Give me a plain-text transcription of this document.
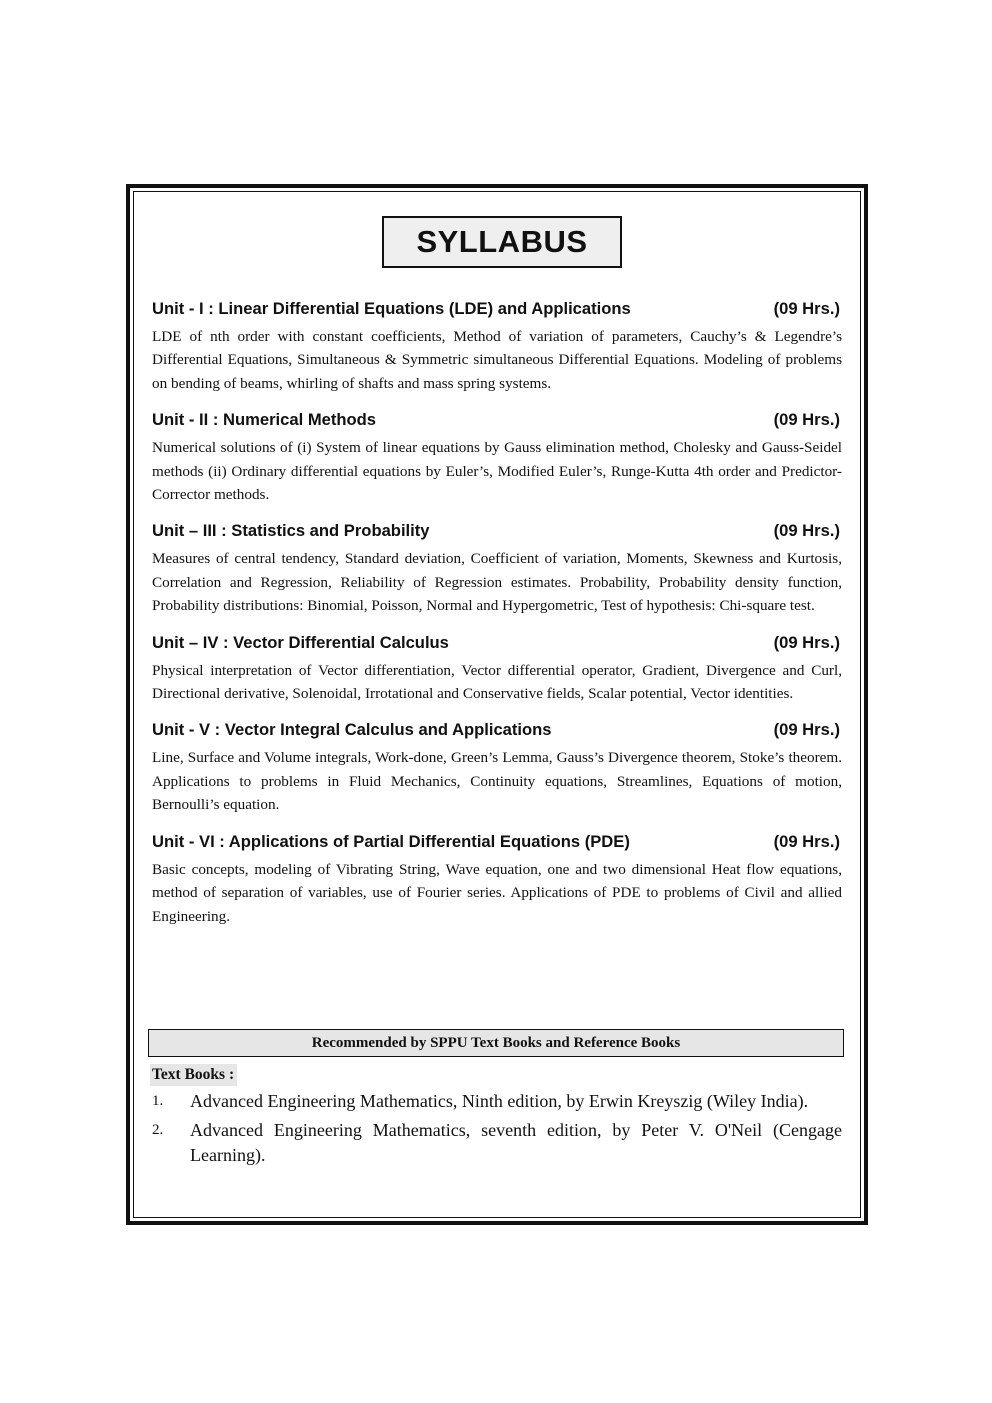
SYLLABUS
Unit - I : Linear Differential Equations (LDE) and Applications	(09 Hrs.)

LDE of nth order with constant coefficients, Method of variation of parameters, Cauchy’s & Legendre’s Differential Equations, Simultaneous & Symmetric simultaneous Differential Equations. Modeling of problems on bending of beams, whirling of shafts and mass spring systems.

Unit - II : Numerical Methods	(09 Hrs.)

Numerical solutions of (i) System of linear equations by Gauss elimination method, Cholesky and Gauss-Seidel methods (ii) Ordinary differential equations by Euler’s, Modified Euler’s, Runge-Kutta 4th order and Predictor-Corrector methods.

Unit – III : Statistics and Probability	(09 Hrs.)

Measures of central tendency, Standard deviation, Coefficient of variation, Moments, Skewness and Kurtosis, Correlation and Regression, Reliability of Regression estimates. Probability, Probability density function, Probability distributions: Binomial, Poisson, Normal and Hypergometric, Test of hypothesis: Chi-square test.

Unit – IV : Vector Differential Calculus	(09 Hrs.)

Physical interpretation of Vector differentiation, Vector differential operator, Gradient, Divergence and Curl, Directional derivative, Solenoidal, Irrotational and Conservative fields, Scalar potential, Vector identities.

Unit - V : Vector Integral Calculus and Applications	(09 Hrs.)

Line, Surface and Volume integrals, Work-done, Green’s Lemma, Gauss’s Divergence theorem, Stoke’s theorem. Applications to problems in Fluid Mechanics, Continuity equations, Streamlines, Equations of motion, Bernoulli’s equation.

Unit - VI : Applications of Partial Differential Equations (PDE)	(09 Hrs.)

Basic concepts, modeling of Vibrating String, Wave equation, one and two dimensional Heat flow equations, method of separation of variables, use of Fourier series. Applications of PDE to problems of Civil and allied Engineering.

Recommended by SPPU Text Books and Reference Books
Text Books :
1.	Advanced Engineering Mathematics, Ninth edition, by Erwin Kreyszig (Wiley India).
2.	Advanced Engineering Mathematics, seventh edition, by Peter V. O'Neil (Cengage Learning).
